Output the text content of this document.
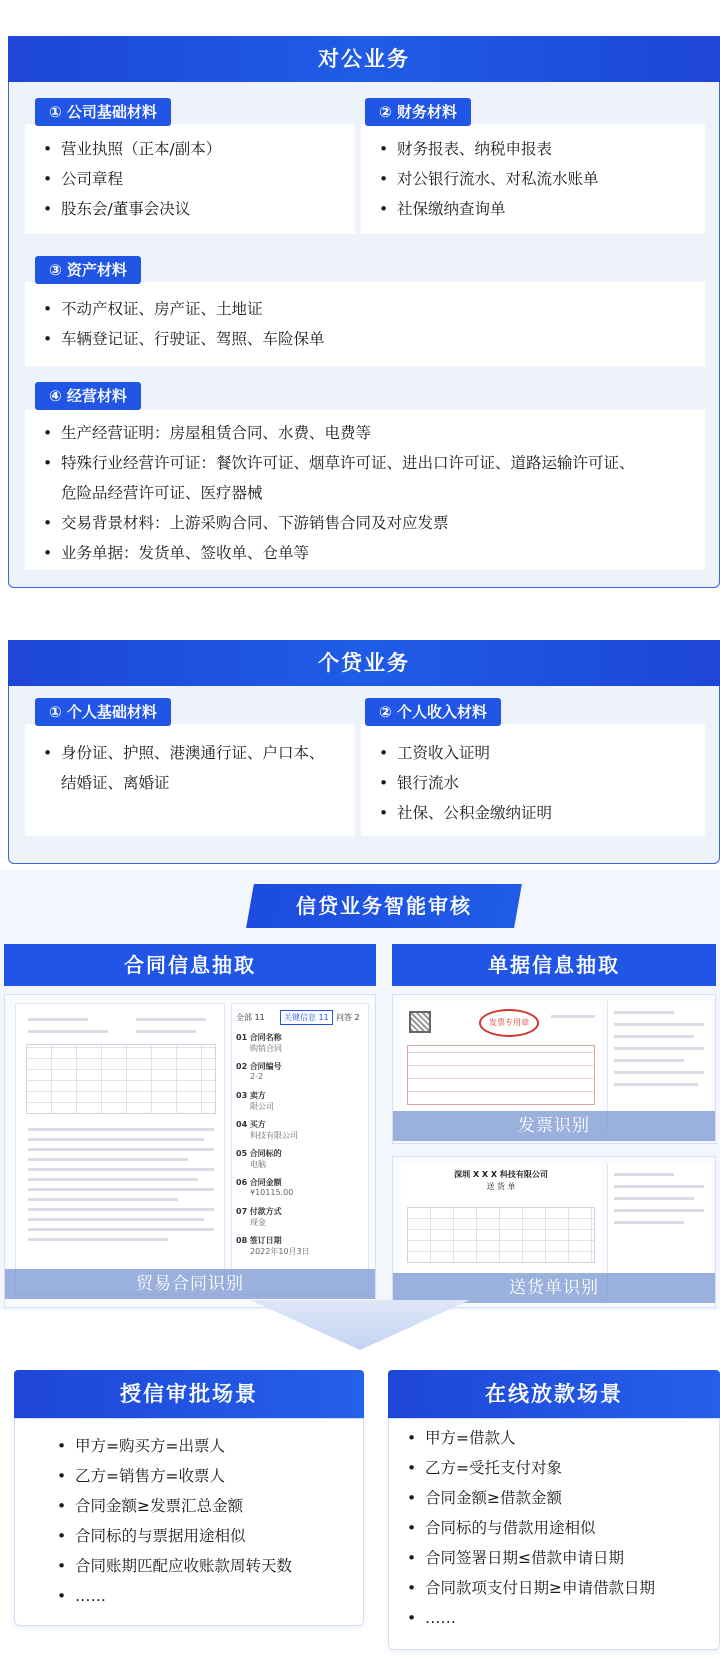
对公业务
• 营业执照（正本/副本）
• 公司章程
• 股东会/董事会决议
① 公司基础材料
• 财务报表、纳税申报表
• 对公银行流水、对私流水账单
• 社保缴纳查询单
② 财务材料
• 不动产权证、房产证、土地证
• 车辆登记证、行驶证、驾照、车险保单
③ 资产材料
• 生产经营证明：房屋租赁合同、水费、电费等
• 特殊行业经营许可证：餐饮许可证、烟草许可证、进出口许可证、道路运输许可证、
危险品经营许可证、医疗器械
• 交易背景材料：上游采购合同、下游销售合同及对应发票
• 业务单据：发货单、签收单、仓单等
④ 经营材料
个贷业务
• 身份证、护照、港澳通行证、户口本、
结婚证、离婚证
① 个人基础材料
• 工资收入证明
• 银行流水
• 社保、公积金缴纳证明
② 个人收入材料
信贷业务智能审核
合同信息抽取	单据信息抽取
全部 11	关键信息 11 问答 2
01 合同名称
购销合同
02 合同编号
2-2
03 卖方
限公司
04 买方
科技有限公司
05 合同标的
电脑
06 合同金额
¥10115.00
07 付款方式
现金
08 签订日期
2022年10月3日
贸易合同识别
发票专用章
发票识别
深圳 X X X 科技有限公司
送 货 单
送货单识别
授信审批场景
• 甲方=购买方=出票人
• 乙方=销售方=收票人
• 合同金额≥发票汇总金额
• 合同标的与票据用途相似
• 合同账期匹配应收账款周转天数
• ……
在线放款场景
• 甲方=借款人
• 乙方=受托支付对象
• 合同金额≥借款金额
• 合同标的与借款用途相似
• 合同签署日期≤借款申请日期
• 合同款项支付日期≥申请借款日期
• ……
